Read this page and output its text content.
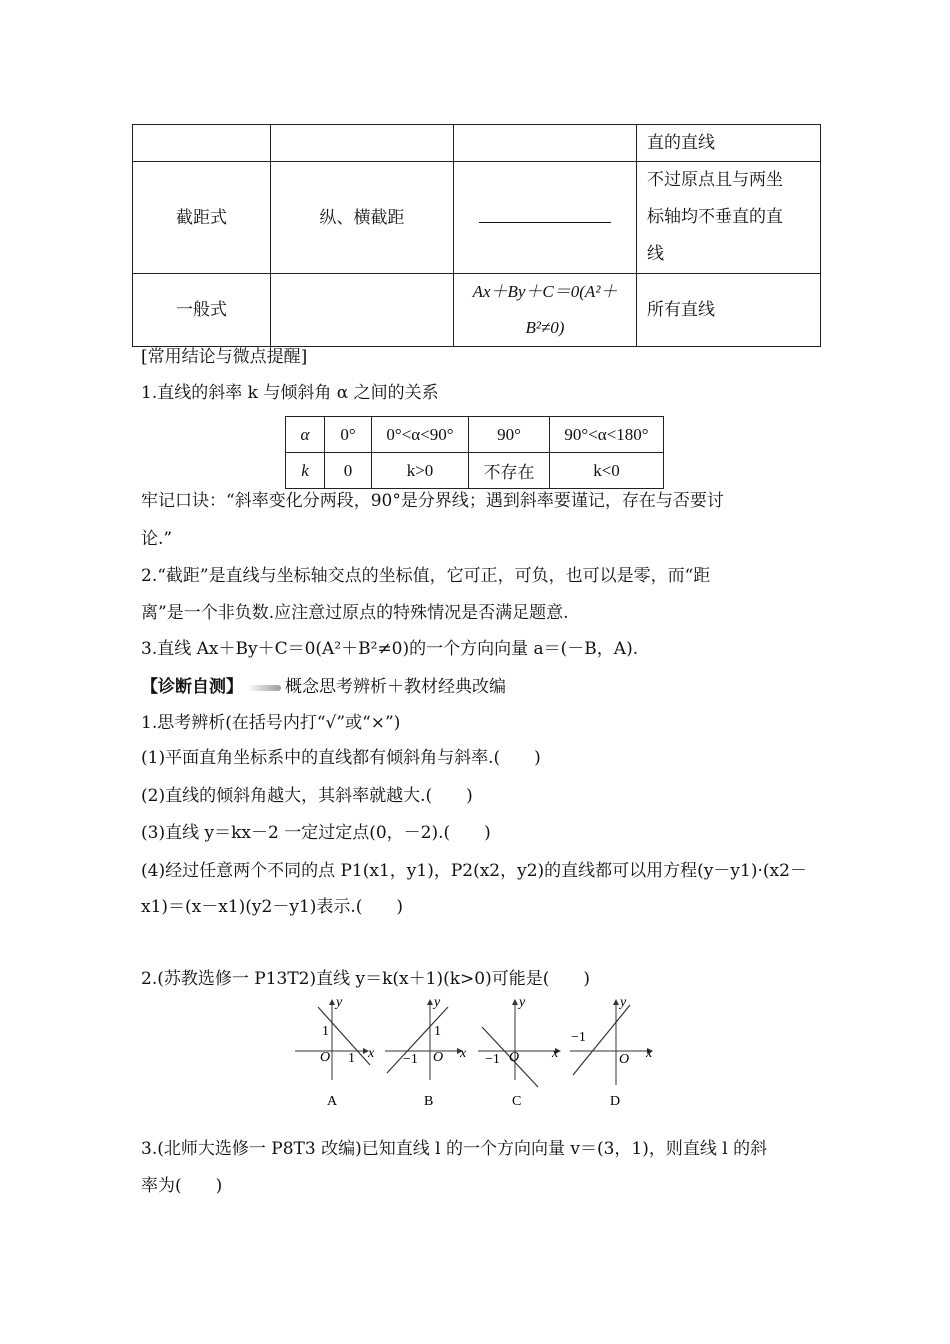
			直的直线
截距式	纵、横截距		不过原点且与两坐
标轴均不垂直的直
线

一般式		Ax＋By＋C＝0(A²＋
B²≠0)	所有直线
[常用结论与微点提醒]
1.直线的斜率 k 与倾斜角 α 之间的关系
α	0°	0°<α<90°	90°	90°<α<180°
k	0	k>0	不存在	k<0
牢记口诀：“斜率变化分两段，90°是分界线；遇到斜率要谨记，存在与否要讨
论.”
2.“截距”是直线与坐标轴交点的坐标值，它可正，可负，也可以是零，而“距
离”是一个非负数.应注意过原点的特殊情况是否满足题意.
3.直线 Ax＋By＋C＝0(A²＋B²≠0)的一个方向向量 a＝(－B，A).
【诊断自测】 概念思考辨析＋教材经典改编
1.思考辨析(在括号内打“√”或“×”)
(1)平面直角坐标系中的直线都有倾斜角与斜率.(　　)
(2)直线的倾斜角越大，其斜率就越大.(　　)
(3)直线 y＝kx－2 一定过定点(0，－2).(　　)
(4)经过任意两个不同的点 P1(x1，y1)，P2(x2，y2)的直线都可以用方程(y－y1)·(x2－
x1)＝(x－x1)(y2－y1)表示.(　　)
2.(苏教选修一 P13T2)直线 y＝k(x＋1)(k>0)可能是(　　)
y
x
O
1
1
A
y
x
O
1
−1
B
y
x
O
−1
C
y
x
O
−1
D
3.(北师大选修一 P8T3 改编)已知直线 l 的一个方向向量 v＝(3，1)，则直线 l 的斜
率为(　　)
